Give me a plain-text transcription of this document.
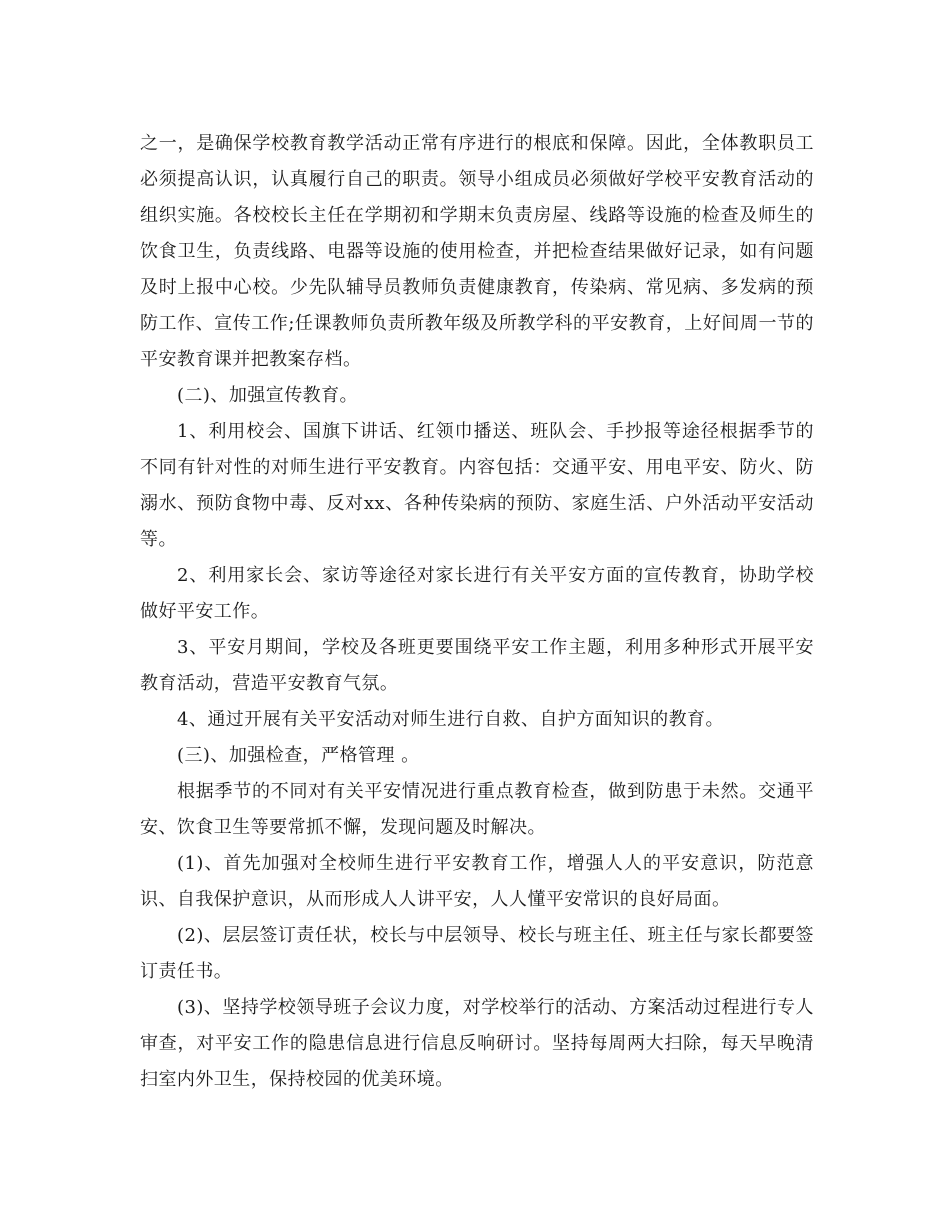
之一，是确保学校教育教学活动正常有序进行的根底和保障。因此，全体教职员工必须提高认识，认真履行自己的职责。领导小组成员必须做好学校平安教育活动的组织实施。各校校长主任在学期初和学期末负责房屋、线路等设施的检查及师生的饮食卫生，负责线路、电器等设施的使用检查，并把检查结果做好记录，如有问题及时上报中心校。少先队辅导员教师负责健康教育，传染病、常见病、多发病的预防工作、宣传工作;任课教师负责所教年级及所教学科的平安教育，上好间周一节的平安教育课并把教案存档。

(二)、加强宣传教育。

1、利用校会、国旗下讲话、红领巾播送、班队会、手抄报等途径根据季节的不同有针对性的对师生进行平安教育。内容包括：交通平安、用电平安、防火、防溺水、预防食物中毒、反对xx、各种传染病的预防、家庭生活、户外活动平安活动等。

2、利用家长会、家访等途径对家长进行有关平安方面的宣传教育，协助学校做好平安工作。

3、平安月期间，学校及各班更要围绕平安工作主题，利用多种形式开展平安教育活动，营造平安教育气氛。

4、通过开展有关平安活动对师生进行自救、自护方面知识的教育。

(三)、加强检查，严格管理 。

根据季节的不同对有关平安情况进行重点教育检查，做到防患于未然。交通平安、饮食卫生等要常抓不懈，发现问题及时解决。

(1)、首先加强对全校师生进行平安教育工作，增强人人的平安意识，防范意识、自我保护意识，从而形成人人讲平安，人人懂平安常识的良好局面。

(2)、层层签订责任状，校长与中层领导、校长与班主任、班主任与家长都要签订责任书。

(3)、坚持学校领导班子会议力度，对学校举行的活动、方案活动过程进行专人审查，对平安工作的隐患信息进行信息反响研讨。坚持每周两大扫除，每天早晚清扫室内外卫生，保持校园的优美环境。
